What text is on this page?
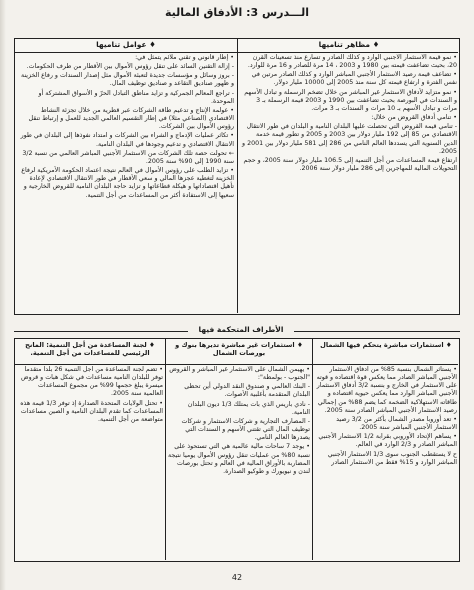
الـــدرس 3: الأدفاق المالية
♦ عوامل تناميها	♦ مظاهر تناميها

• إطار قانوني و تقني ملائم يتمثل في:

- إزالة التقنين السائد على تنقل رؤوس الأموال بين الأقطار من طرف الحكومات.

- بروز وسائل و مؤسسات جديدة لتعبئة الأموال مثل إصدار السندات و رفاع الخزينة و ظهور صناديق التقاعد و صناديق توظيف المال.

- تراجع المعالم الجمركية و تزايد مناطق التبادل الحرّ و الأسواق المشتركة أو الموحدة.

• عولمة الإنتاج و تدعيم طاقة الشركات عبر قطرية من خلال تجزئة النشاط الاقتصادي (الصناعي مثلا) في إطار التقسيم العالمي الجديد للعمل و إرتباط تنقل رؤوس الأموال بين الشركات.

• تكاثر عمليات الإدماج و الشراء بين الشركات و امتداد نفوذها إلى البلدان في طور الانتقال الاقتصادي و تدعيم وجودها في البلدان النامية.

← تحولت حصة تلك الشركات من الاستثمار الأجنبي المباشر العالمي من نسبة 3/2 سنة 1990 إلى 90% سنة 2005.

• تزايد الطلب على رؤوس الأموال في العالم نتيجة اعتماد الحكومة الأمريكية لرفاع الخزينة لتغطية عجزها المالي و سعي الأقطار في طور الانتقال الاقتصادي لإعادة تأهيل اقتصاداتها و هيكلة قطاعاتها و تزايد حاجة البلدان النامية للقروض الخارجية و سعيها إلى الاستفادة أكثر من المساعدات من أجل التنمية.

• نمو قيمة الاستثمار الأجنبي الوارد و كذلك الصادر و تسارع منذ تسعينات القرن 20، بحيث تضاعفت قيمته بين 1980 و 2003 ، 14 مرة للصادر و 16 مرة للوارد.

• تضاعف قيمة رصيد الاستثمار الأجنبي المباشر الوارد و كذلك الصادر مرتين في نفس الفترة و ارتفاع قيمته كل سنة منذ 2005 إلى 10000 مليار دولار.

• نمو متزايد لأدفاق الاستثمار غير المباشر من خلال تضخم الرسملة و تبادل الأسهم و السندات في البورصة بحيث تضاعفت بين 1990 و 2003 قيمة الرسملة بـ 3 مرات و تبادل الأسهم بـ 10 مرات و السندات بـ 3 مرات.

• تنامي أدفاق القروض من خلال:

- تنامي قيمة القروض التي تحصلت عليها البلدان النامية و البلدان في طور الانتقال الاقتصادي من 85 إلى 192 مليار دولار بين 2003 و 2005 و تطور قيمة خدمة الدين السنوية التي يسددها العالم النامي من 286 إلى 581 مليار دولار بين 2001 و 2005.

ارتفاع قيمة المساعدات من أجل التنمية إلى 106.5 مليار دولار سنة 2005، و حجم التحويلات المالية للمهاجرين إلى 286 مليار دولار سنة 2006.

الأطراف المتحكمة فيها
♦ لجنة المساعدة من أجل التنمية: المانح الرئيسي للمساعدات من أجل التنمية.
♦ استثمارات غير مباشرة تديرها بنوك و بورصات الشمال
♦ استثمارات مباشرة يتحكم فيها الشمال

• تضم لجنة المساعدة من أجل التنمية 26 بلدا متقدما توفر للبلدان النامية مساعدات في شكل هبات و قروض ميسرة يبلغ حجمها 99% من مجموع المساعدات العالمية سنة 2005.

• تحتل الولايات المتحدة الصدارة إذ توفر 1/3 قيمة هذه المساعدات كما تقدم البلدان النامية و الصين مساعدات متواضعة من أجل التنمية.

• يهيمن الشمال على الاستثمار غير المباشر و القروض "الجنوب - بولمطة":

- البنك العالمي و صندوق النقد الدولي أين تحظى البلدان المتقدمة بأغلبية الأصوات.

- نادي باريس الذي بات يمتلك 1/3 ديون البلدان النامية.

- المصارف التجارية و شركات الاستثمار و شركات توظيف المال التي تقتني الأسهم و السندات التي يصدرها العالم النامي.

• يوجد 7 ساحات مالية عالمية هي التي تستحوذ على نسبة 80% من عمليات تنقل رؤوس الأموال يوميا نتيجة المضاربة بالأوراق المالية في العالم و تحتل بورصات لندن و نيويورك و طوكيو الصدارة.

• يستأثر الشمال بنسبة 85% من أدفاق الاستثمار الأجنبي المباشر الصادر مما يعكس قوة اقتصاده و قوته على الاستثمار في الخارج و بنسبة 3/2 أدفاق الاستثمار الأجنبي المباشر الوارد مما يعكس حيوية اقتصاده و طاقاته الاستهلاكية الضخمة كما يضم 88% من إجمالي رصيد الاستثمار الأجنبي المباشر الصادر سنة 2005.

• تعد أوروبا مصدر الشمال بأكثر من 3/2 رصيد الاستثمار الأجنبي المباشر سنة 2005.

• يساهم الإتحاد الأوروبي بقرابة 1/2 الاستثمار الأجنبي المباشر الصادر و 2/3 الوارد في العالم.

ح لا يستقطب الجنوب سوى 1/3 الاستثمار الأجنبي المباشر الوارد و 15% فقط من الاستثمار الصادر

42
